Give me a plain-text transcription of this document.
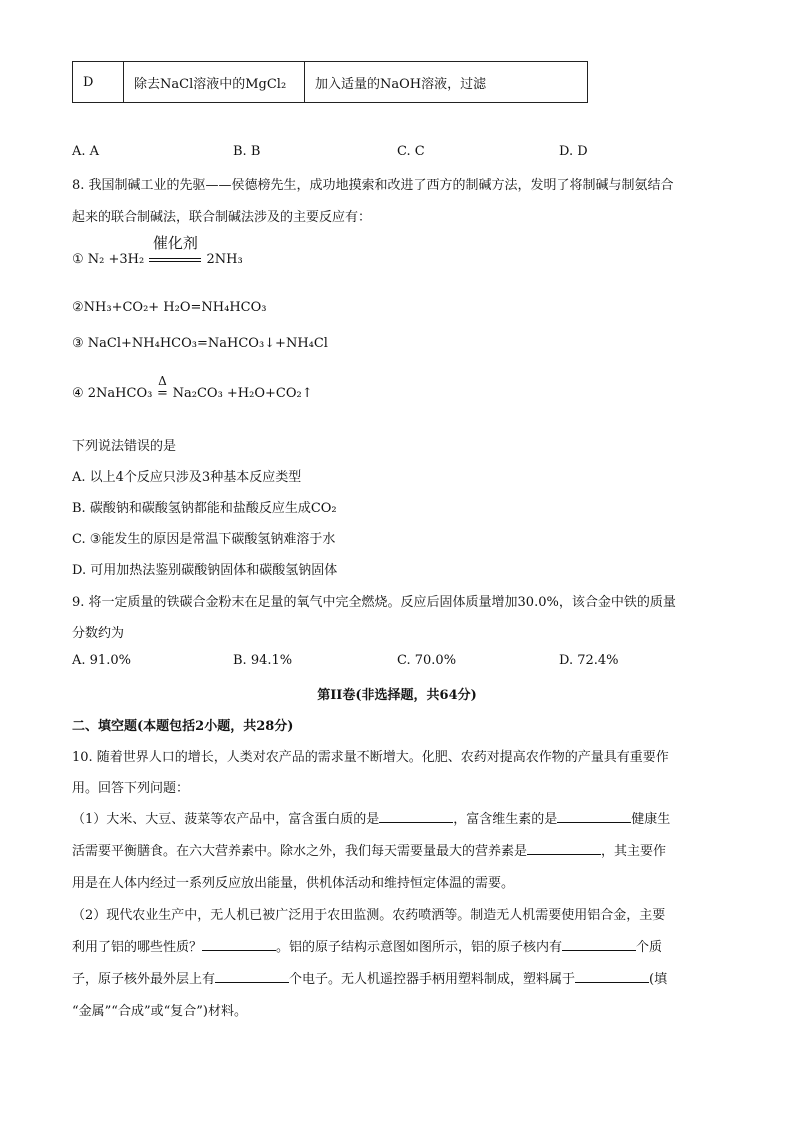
D	除去NaCl溶液中的MgCl₂	加入适量的NaOH溶液，过滤
A. A	B. B	C. C	D. D
8. 我国制碱工业的先驱——侯德榜先生，成功地摸索和改进了西方的制碱方法，发明了将制碱与制氨结合
起来的联合制碱法，联合制碱法涉及的主要反应有：
① N₂ +3H₂
催化剂
2NH₃
②NH₃+CO₂+ H₂O=NH₄HCO₃
③ NaCl+NH₄HCO₃=NaHCO₃↓+NH₄Cl
④ 2NaHCO₃
Δ
= Na₂CO₃ +H₂O+CO₂↑
下列说法错误的是
A. 以上4个反应只涉及3种基本反应类型
B. 碳酸钠和碳酸氢钠都能和盐酸反应生成CO₂
C. ③能发生的原因是常温下碳酸氢钠难溶于水
D. 可用加热法鉴别碳酸钠固体和碳酸氢钠固体
9. 将一定质量的铁碳合金粉末在足量的氧气中完全燃烧。反应后固体质量增加30.0%，该合金中铁的质量
分数约为
A. 91.0%	B. 94.1%	C. 70.0%	D. 72.4%
第II卷(非选择题，共64分)
二、填空题(本题包括2小题，共28分)
10. 随着世界人口的增长，人类对农产品的需求量不断增大。化肥、农药对提高农作物的产量具有重要作
用。回答下列问题：
（1）大米、大豆、菠菜等农产品中，富含蛋白质的是	，富含维生素的是	健康生
活需要平衡膳食。在六大营养素中。除水之外，我们每天需要量最大的营养素是	，其主要作
用是在人体内经过一系列反应放出能量，供机体活动和维持恒定体温的需要。
（2）现代农业生产中，无人机已被广泛用于农田监测。农药喷洒等。制造无人机需要使用铝合金，主要
利用了铝的哪些性质？	。铝的原子结构示意图如图所示，铝的原子核内有	个质
子，原子核外最外层上有	个电子。无人机遥控器手柄用塑料制成，塑料属于	(填
“金属”“合成”或“复合”)材料。
